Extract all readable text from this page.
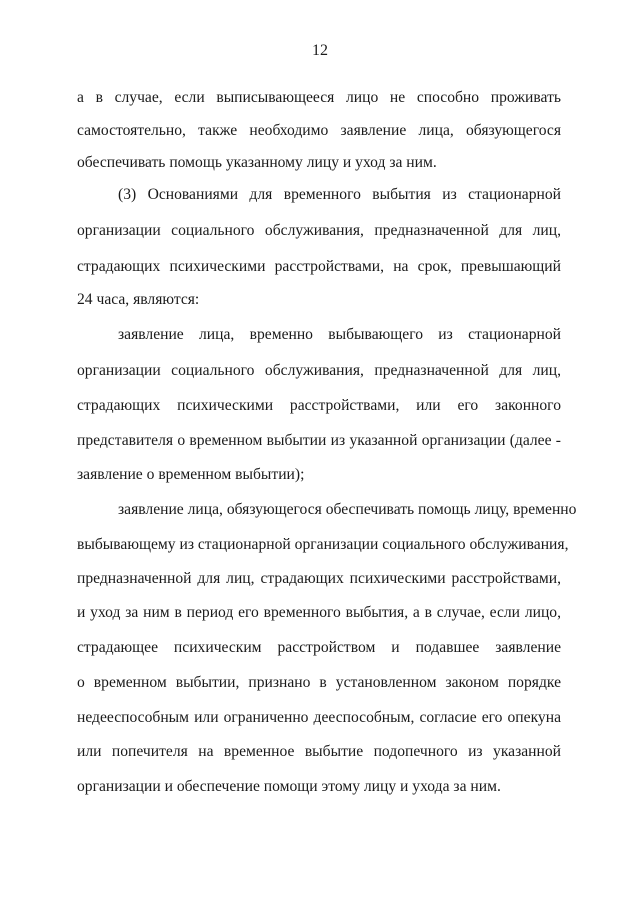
12
а в случае, если выписывающееся лицо не способно проживать
самостоятельно, также необходимо заявление лица, обязующегося
обеспечивать помощь указанному лицу и уход за ним.
(3) Основаниями для временного выбытия из стационарной
организации социального обслуживания, предназначенной для лиц,
страдающих психическими расстройствами, на срок, превышающий
24 часа, являются:
заявление лица, временно выбывающего из стационарной
организации социального обслуживания, предназначенной для лиц,
страдающих психическими расстройствами, или его законного
представителя о временном выбытии из указанной организации (далее -
заявление о временном выбытии);
заявление лица, обязующегося обеспечивать помощь лицу, временно
выбывающему из стационарной организации социального обслуживания,
предназначенной для лиц, страдающих психическими расстройствами,
и уход за ним в период его временного выбытия, а в случае, если лицо,
страдающее психическим расстройством и подавшее заявление
о временном выбытии, признано в установленном законом порядке
недееспособным или ограниченно дееспособным, согласие его опекуна
или попечителя на временное выбытие подопечного из указанной
организации и обеспечение помощи этому лицу и ухода за ним.
